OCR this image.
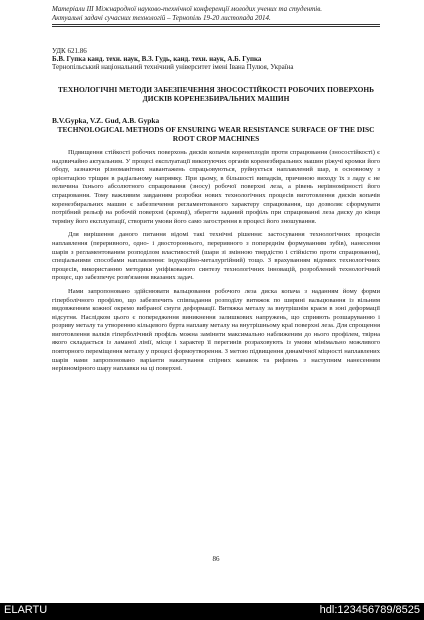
Матеріали III Міжнародної науково-технічної конференції молодих учених та студентів.
Актуальні задачі сучасних технологій – Тернопіль 19-20 листопада 2014.
УДК 621.86
Б.В. Гупка канд. техн. наук, В.З. Гудь, канд. техн. наук, А.Б. Гупка
Тернопільський національний технічний університет імені Івана Пулюя, Україна
ТЕХНОЛОГІЧНІ МЕТОДИ ЗАБЕЗПЕЧЕННЯ ЗНОСОСТІЙКОСТІ РОБОЧИХ ПОВЕРХОНЬ ДИСКІВ КОРЕНЕЗБИРАЛЬНИХ МАШИН
B.V.Gypka, V.Z. Gud, A.B. Gypka
TECHNOLOGICAL METHODS OF ENSURING WEAR RESISTANCE SURFACE OF THE DISC ROOT CROP MACHINES

Підвищення стійкості робочих поверхонь дисків копачів коренеплодів проти спрацювання (зносостійкості) є надзвичайно актуальним. У процесі експлуатації викопуючих органів коренезбиральних машин ріжучі кромки його ободу, зазнаючи різноманітних навантажень спрацьовуються, руйнується наплавлений шар, в основному з орієнтацією тріщин в радіальному напрямку. При цьому, в більшості випадків, причиною виходу їх з ладу є не величина їхнього абсолютного спрацювання (зносу) робочої поверхні леза, а рівень нерівномірності його спрацювання. Тому важливим завданням розробки нових технологічних процесів виготовлення дисків копачів коренезбиральних машин є забезпечення регламентованого характеру спрацювання, що дозволяє сформувати потрібний рельєф на робочій поверхні (кромці), зберегти заданий профіль при спрацюванні леза диску до кінця терміну його експлуатації, створити умови його само загострення в процесі його зношування.

Для вирішення даного питання відомі такі технічні рішення: застосування технологічних процесів наплавлення (переривного, одно- і двостороннього, переривного з попереднім формуванням зубів), нанесення шарів з регламентованим розподілом властивостей (шари зі змінною твердістю і стійкістю проти спрацювання), спеціальними способами наплавлення: індукційно-металургійний) тощо. З врахуванням відомих технологічних процесів, використанню методики уніфікованого синтезу технологічних інновацій, розроблений технологічний процес, що забезпечує розв'язання вказаних задач.

Нами запропоновано здійснювати вальцювання робочого леза диска копача з наданням йому форми гіперболічного профілю, що забезпечить співпадання розподілу витяжок по ширині вальцювання із вільним видовженням кожної окремо вибраної смуги деформації. Витяжка металу за внутрішнім краєм в зоні деформації відсутня. Наслідком цього є попередження виникнення залишкових напружень, що сприяють розшаруванню і розриву металу та утворенню кільцевого бурта наплаву металу на внутрішньому краї поверхні леза. Для спрощення виготовлення валків гіперболічний профіль можна замінити максимально наближеним до нього профілем, твірна якого складається із ламаної лінії, місце і характер її перегинів розраховують із умови мінімально можливого повторного переміщення металу у процесі формоутворення. З метою підвищення динамічної міцності наплавлених шарів нами запропоновано варіанти накатування спірних канавок та рифлень з наступним нанесенням нерівномірного шару наплавки на ці поверхні.

86
ELARTU	hdl:123456789/8525
